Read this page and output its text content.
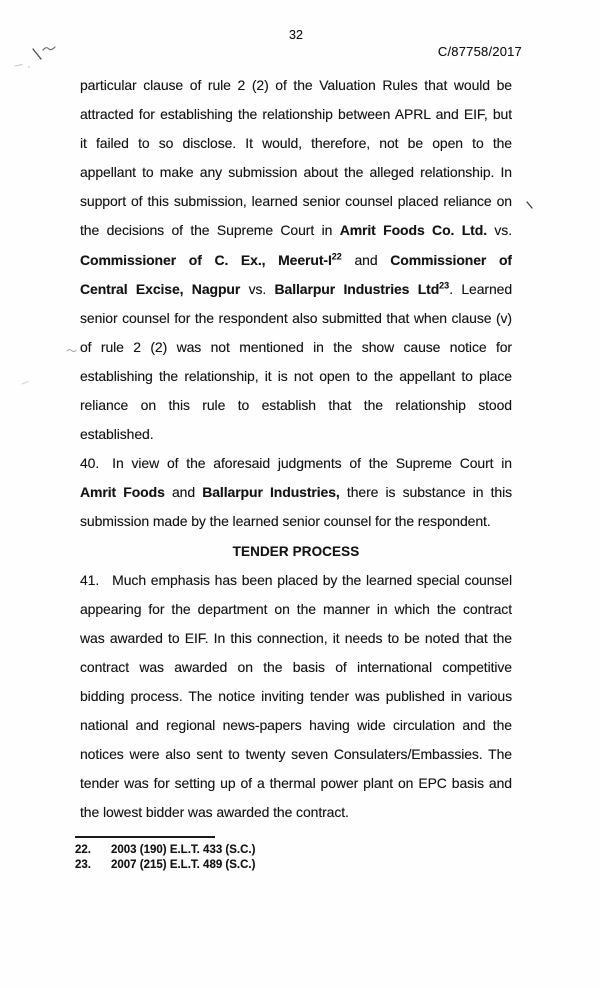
32
C/87758/2017
particular clause of rule 2 (2) of the Valuation Rules that would be
attracted for establishing the relationship between APRL and EIF, but
it failed to so disclose. It would, therefore, not be open to the
appellant to make any submission about the alleged relationship. In
support of this submission, learned senior counsel placed reliance on
the decisions of the Supreme Court in Amrit Foods Co. Ltd. vs.
Commissioner of C. Ex., Meerut-$I^{22}$ and Commissioner of
Central Excise, Nagpur vs. Ballarpur Industries Ltd$^{23}$. Learned
senior counsel for the respondent also submitted that when clause (v)
of rule 2 (2) was not mentioned in the show cause notice for
establishing the relationship, it is not open to the appellant to place
reliance on this rule to establish that the relationship stood
established.
40. In view of the aforesaid judgments of the Supreme Court in
Amrit Foods and Ballarpur Industries, there is substance in this
submission made by the learned senior counsel for the respondent.
TENDER PROCESS
41. Much emphasis has been placed by the learned special counsel
appearing for the department on the manner in which the contract
was awarded to EIF. In this connection, it needs to be noted that the
contract was awarded on the basis of international competitive
bidding process. The notice inviting tender was published in various
national and regional news-papers having wide circulation and the
notices were also sent to twenty seven Consulaters/Embassies. The
tender was for setting up of a thermal power plant on EPC basis and
the lowest bidder was awarded the contract.
22.	2003 (190) E.L.T. 433 (S.C.)
23.	2007 (215) E.L.T. 489 (S.C.)
